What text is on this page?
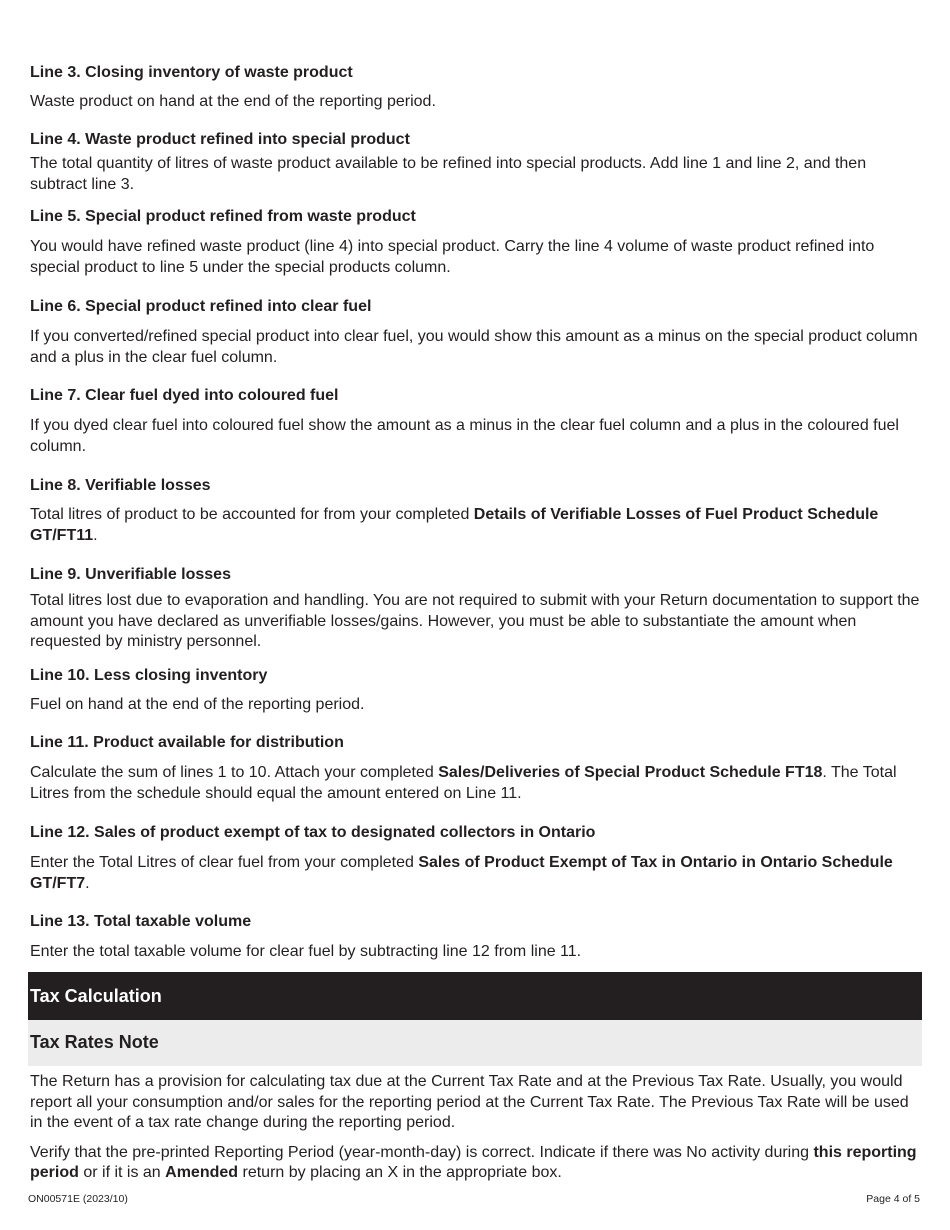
Line 3. Closing inventory of waste product

Waste product on hand at the end of the reporting period.

Line 4. Waste product refined into special product

The total quantity of litres of waste product available to be refined into special products. Add line 1 and line 2, and then subtract line 3.

Line 5. Special product refined from waste product

You would have refined waste product (line 4) into special product. Carry the line 4 volume of waste product refined into special product to line 5 under the special products column.

Line 6. Special product refined into clear fuel

If you converted/refined special product into clear fuel, you would show this amount as a minus on the special product column and a plus in the clear fuel column.

Line 7. Clear fuel dyed into coloured fuel

If you dyed clear fuel into coloured fuel show the amount as a minus in the clear fuel column and a plus in the coloured fuel column.

Line 8. Verifiable losses

Total litres of product to be accounted for from your completed Details of Verifiable Losses of Fuel Product Schedule GT/FT11.

Line 9. Unverifiable losses

Total litres lost due to evaporation and handling. You are not required to submit with your Return documentation to support the amount you have declared as unverifiable losses/gains. However, you must be able to substantiate the amount when requested by ministry personnel.

Line 10. Less closing inventory

Fuel on hand at the end of the reporting period.

Line 11. Product available for distribution

Calculate the sum of lines 1 to 10. Attach your completed Sales/Deliveries of Special Product Schedule FT18. The Total Litres from the schedule should equal the amount entered on Line 11.

Line 12. Sales of product exempt of tax to designated collectors in Ontario

Enter the Total Litres of clear fuel from your completed Sales of Product Exempt of Tax in Ontario in Ontario Schedule GT/FT7.

Line 13. Total taxable volume

Enter the total taxable volume for clear fuel by subtracting line 12 from line 11.

Tax Calculation
Tax Rates Note

The Return has a provision for calculating tax due at the Current Tax Rate and at the Previous Tax Rate. Usually, you would report all your consumption and/or sales for the reporting period at the Current Tax Rate. The Previous Tax Rate will be used in the event of a tax rate change during the reporting period.

Verify that the pre-printed Reporting Period (year-month-day) is correct. Indicate if there was No activity during this reporting period or if it is an Amended return by placing an X in the appropriate box.

ON00571E (2023/10)	Page 4 of 5
